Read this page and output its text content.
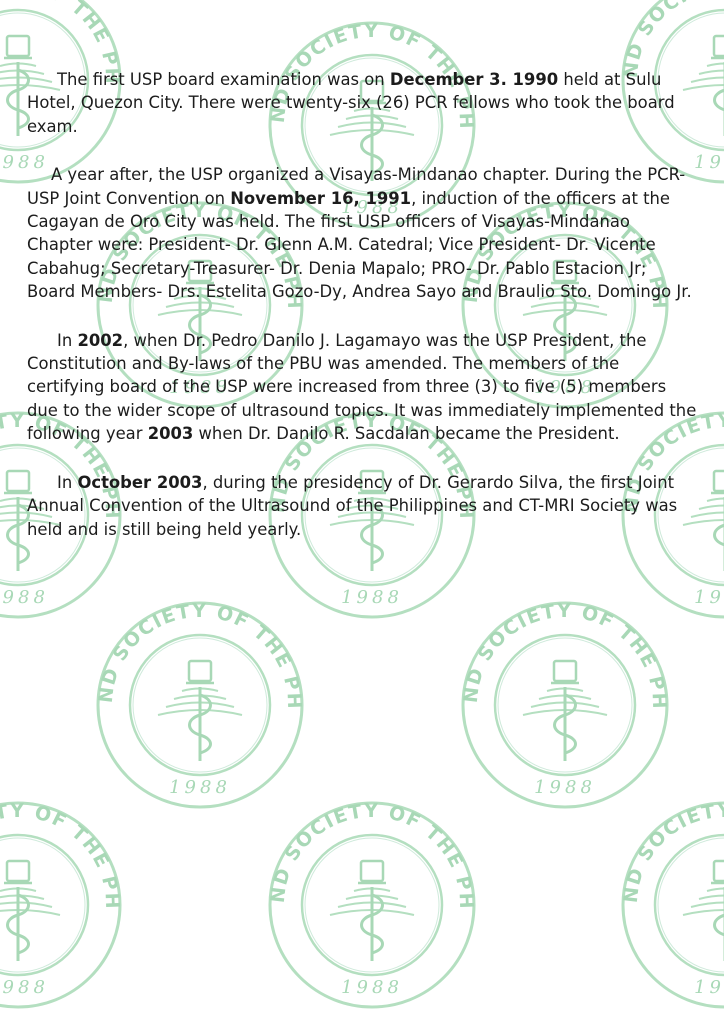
The first USP board examination was on December 3. 1990 held at Sulu Hotel, Quezon City. There were twenty-six (26) PCR fellows who took the board exam.

A year after, the USP organized a Visayas-Mindanao chapter. During the PCR-USP Joint Convention on November 16, 1991, induction of the officers at the Cagayan de Oro City was held. The first USP officers of Visayas-Mindanao Chapter were: President- Dr. Glenn A.M. Catedral; Vice President- Dr. Vicente Cabahug; Secretary-Treasurer- Dr. Denia Mapalo; PRO- Dr. Pablo Estacion Jr; Board Members- Drs. Estelita Gozo-Dy, Andrea Sayo and Braulio Sto. Domingo Jr.

In 2002, when Dr. Pedro Danilo J. Lagamayo was the USP President, the Constitution and By-laws of the PBU was amended. The members of the certifying board of the USP were increased from three (3) to five (5) members due to the wider scope of ultrasound topics. It was immediately implemented the following year 2003 when Dr. Danilo R. Sacdalan became the President.

In October 2003, during the presidency of Dr. Gerardo Silva, the first Joint Annual Convention of the Ultrasound of the Philippines and CT-MRI Society was held and is still being held yearly.
